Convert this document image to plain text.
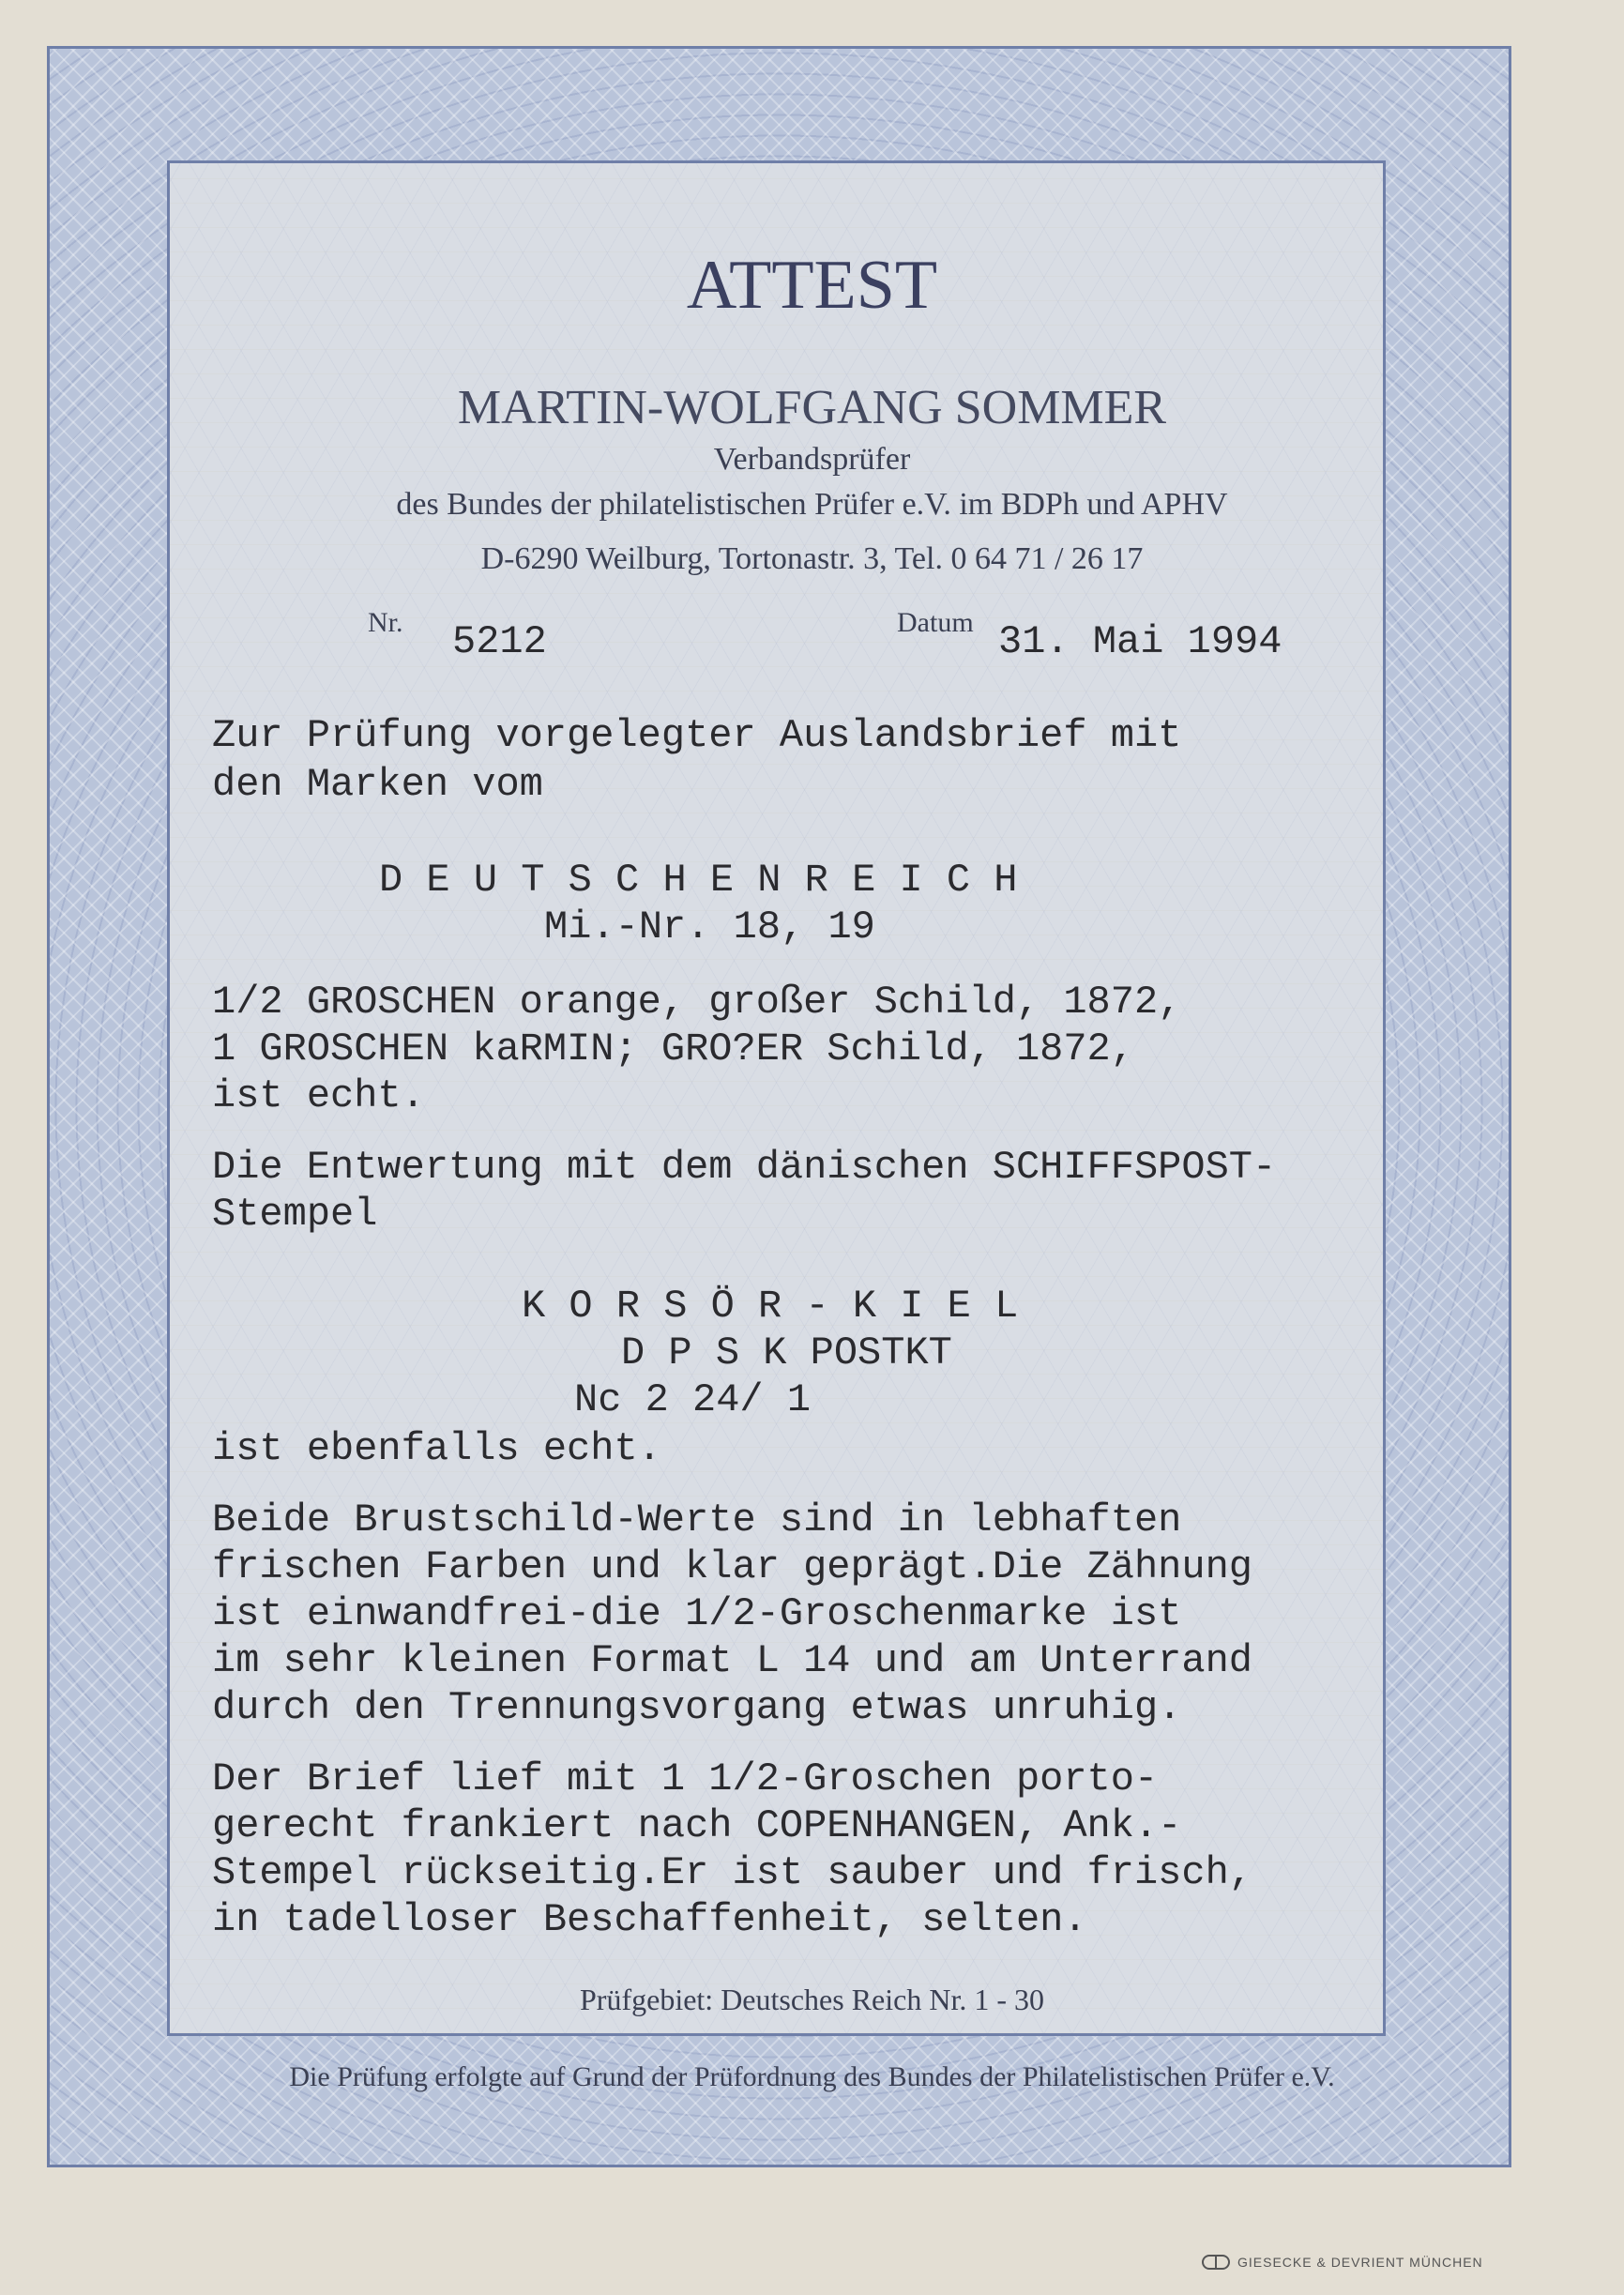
ATTEST
MARTIN-WOLFGANG SOMMER
Verbandsprüfer
des Bundes der philatelistischen Prüfer e.V. im BDPh und APHV
D-6290 Weilburg, Tortonastr. 3, Tel. 0 64 71 / 26 17
Nr. 5212	Datum 31. Mai 1994
Zur Prüfung vorgelegter Auslandsbrief mit
den Marken vom
D E U T S C H E N R E I C H
Mi.-Nr. 18, 19
1/2 GROSCHEN orange, großer Schild, 1872,
1 GROSCHEN kaRMIN; GRO?ER Schild, 1872,
ist echt.
Die Entwertung mit dem dänischen SCHIFFSPOST-
Stempel
K O R S Ö R - K I E L
D P S K POSTKT
Nc 2 24/ 1
ist ebenfalls echt.
Beide Brustschild-Werte sind in lebhaften
frischen Farben und klar geprägt.Die Zähnung
ist einwandfrei-die 1/2-Groschenmarke ist
im sehr kleinen Format L 14 und am Unterrand
durch den Trennungsvorgang etwas unruhig.
Der Brief lief mit 1 1/2-Groschen porto-
gerecht frankiert nach COPENHANGEN, Ank.-
Stempel rückseitig.Er ist sauber und frisch,
in tadelloser Beschaffenheit, selten.
Prüfgebiet: Deutsches Reich Nr. 1 - 30
Die Prüfung erfolgte auf Grund der Prüfordnung des Bundes der Philatelistischen Prüfer e.V.
GIESECKE & DEVRIENT MÜNCHEN
